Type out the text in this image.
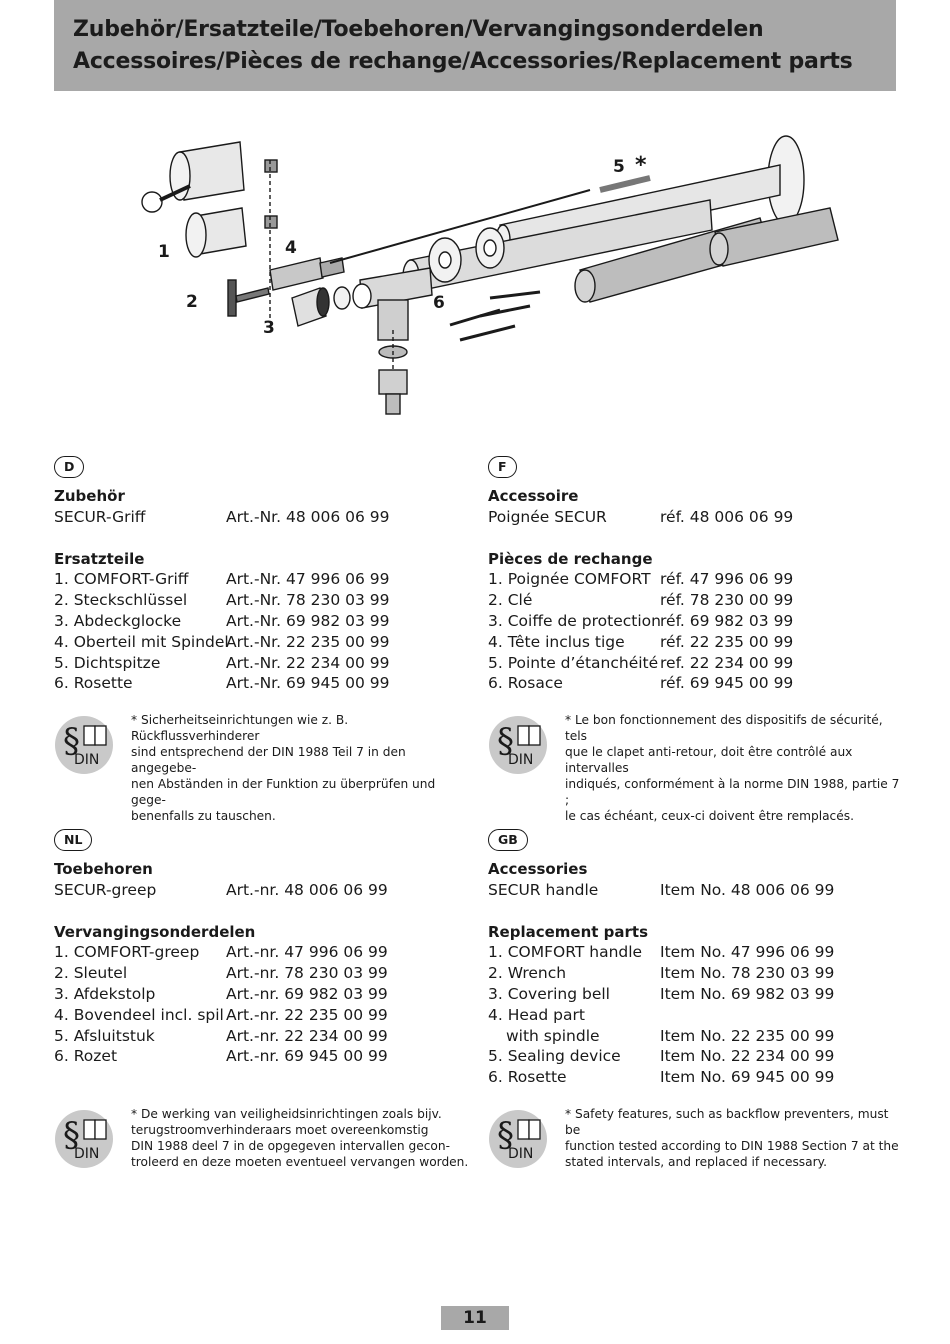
Zubehör/Ersatzteile/Toebehoren/Vervangingsonderdelen
Accessoires/Pièces de rechange/Accessories/Replacement parts
1
2
3
4
5 *
6
D
Zubehör
SECUR-Griff	Art.-Nr. 48 006 06 99
Ersatzteile
1. COMFORT-Griff Art.-Nr. 47 996 06 99
2. Steckschlüssel	Art.-Nr. 78 230 03 99
3. Abdeckglocke	Art.-Nr. 69 982 03 99
4. Oberteil mit Spindel
Art.-Nr. 22 235 00 99
5. Dichtspitze	Art.-Nr. 22 234 00 99
6. Rosette	Art.-Nr. 69 945 00 99
§
DIN
* Sicherheitseinrichtungen wie z. B. Rückflussverhinderer
sind entsprechend der DIN 1988 Teil 7 in den angegebe-
nen Abständen in der Funktion zu überprüfen und gege-
benenfalls zu tauschen.
F
Accessoire
Poignée SECUR	réf. 48 006 06 99
Pièces de rechange
1. Poignée COMFORT réf. 47 996 06 99
2. Clé	réf. 78 230 00 99
3. Coiffe de protection réf. 69 982 03 99
4. Tête inclus tige réf. 22 235 00 99
5. Pointe d’étanchéité ref. 22 234 00 99
6. Rosace	réf. 69 945 00 99
§
DIN
* Le bon fonctionnement des dispositifs de sécurité, tels
que le clapet anti-retour, doit être contrôlé aux intervalles
indiqués, conformément à la norme DIN 1988, partie 7 ;
le cas échéant, ceux-ci doivent être remplacés.
NL
Toebehoren
SECUR-greep	Art.-nr. 48 006 06 99
Vervangingsonderdelen
1. COMFORT-greep Art.-nr. 47 996 06 99
2. Sleutel	Art.-nr. 78 230 03 99
3. Afdekstolp	Art.-nr. 69 982 03 99
4. Bovendeel incl. spil Art.-nr. 22 235 00 99
5. Afsluitstuk	Art.-nr. 22 234 00 99
6. Rozet	Art.-nr. 69 945 00 99
§
DIN
* De werking van veiligheidsinrichtingen zoals bijv.
terugstroomverhinderaars moet overeenkomstig
DIN 1988 deel 7 in de opgegeven intervallen gecon-
troleerd en deze moeten eventueel vervangen worden.
GB
Accessories
SECUR handle	Item No. 48 006 06 99
Replacement parts
1. COMFORT handle Item No. 47 996 06 99
2. Wrench	Item No. 78 230 03 99
3. Covering bell	Item No. 69 982 03 99
4. Head part
with spindle	Item No. 22 235 00 99
5. Sealing device	Item No. 22 234 00 99
6. Rosette	Item No. 69 945 00 99
§
DIN
* Safety features, such as backflow preventers, must be
function tested according to DIN 1988 Section 7 at the
stated intervals, and replaced if necessary.
11
